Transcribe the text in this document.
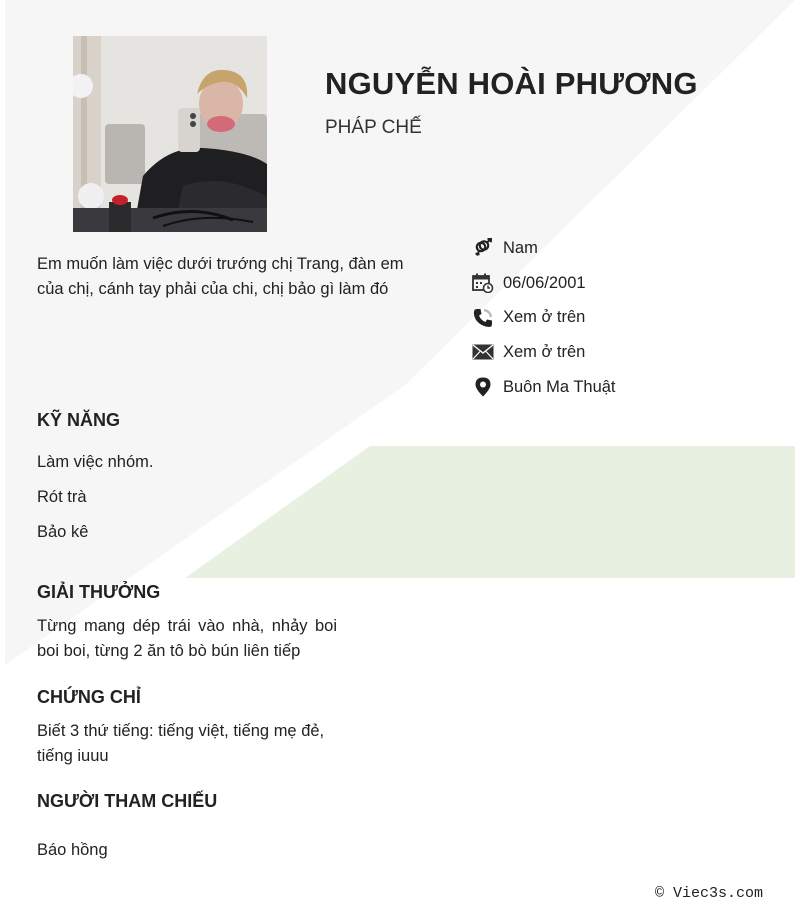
NGUYỄN HOÀI PHƯƠNG
PHÁP CHẾ
Em muốn làm việc dưới trướng chị Trang, đàn em của chị, cánh tay phải của chi, chị bảo gì làm đó
Nam
06/06/2001
Xem ở trên
Xem ở trên
Buôn Ma Thuật
KỸ NĂNG
Làm việc nhóm.
Rót trà
Bảo kê
GIẢI THƯỞNG
Từng mang dép trái vào nhà, nhảy boi boi boi, từng 2 ăn tô bò bún liên tiếp
CHỨNG CHỈ
Biết 3 thứ tiếng: tiếng việt, tiếng mẹ đẻ, tiếng iuuu
NGƯỜI THAM CHIẾU
Báo hồng
© Viec3s.com
